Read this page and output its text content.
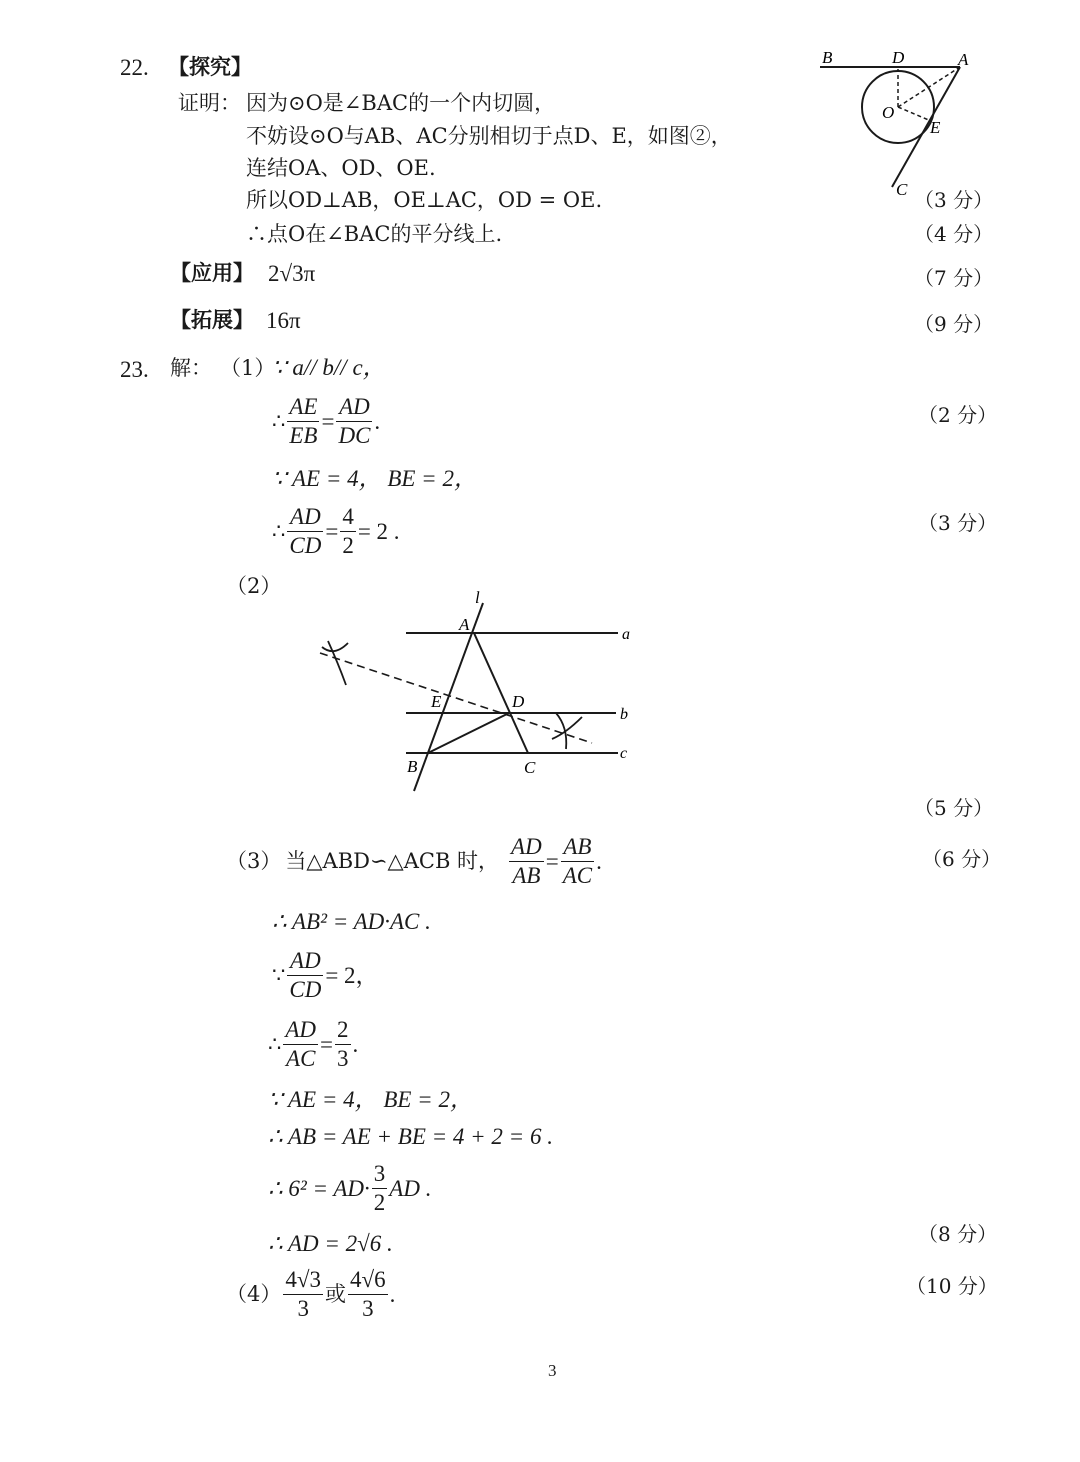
22. 【探究】
证明： 因为⊙O是∠BAC的一个内切圆，
不妨设⊙O与AB、AC分别相切于点D、E，如图②，
连结OA、OD、OE.
所以OD⊥AB，OE⊥AC，OD = OE.
∴点O在∠BAC的平分线上.
（3 分）
（4 分）
【应用】 2√3π	（7 分）
【拓展】 16π	（9 分）
B	D	A
O
E
C
23. 解： （1）
∵ a// b// c，
∴ $\frac{AE}{EB} = \frac{AD}{DC}$ .	（2 分）
∵ AE = 4， BE = 2，
∴ $\frac{AD}{CD} = \frac{4}{2} = 2$ .	（3 分）
（2）	l
A
a
E	D
b
B	C
c
（5 分）
（3） 当△ABD∽△ACB 时， $\frac{AD}{AB} = \frac{AB}{AC}$ .	（6 分）
∴ AB² = AD·AC .
∵ $\frac{AD}{CD} = 2$，
∴ $\frac{AD}{AC} = \frac{2}{3}$ .
∵ AE = 4， BE = 2，
∴ AB = AE + BE = 4 + 2 = 6 .
∴ $6^2 = AD\cdot \frac{3}{2}$ AD .
∴ AD = 2√6 .	（8 分）
$(4) \frac{4√3}{3}$ 或 $\frac{4√6}{3}$ .	（10 分）
3
